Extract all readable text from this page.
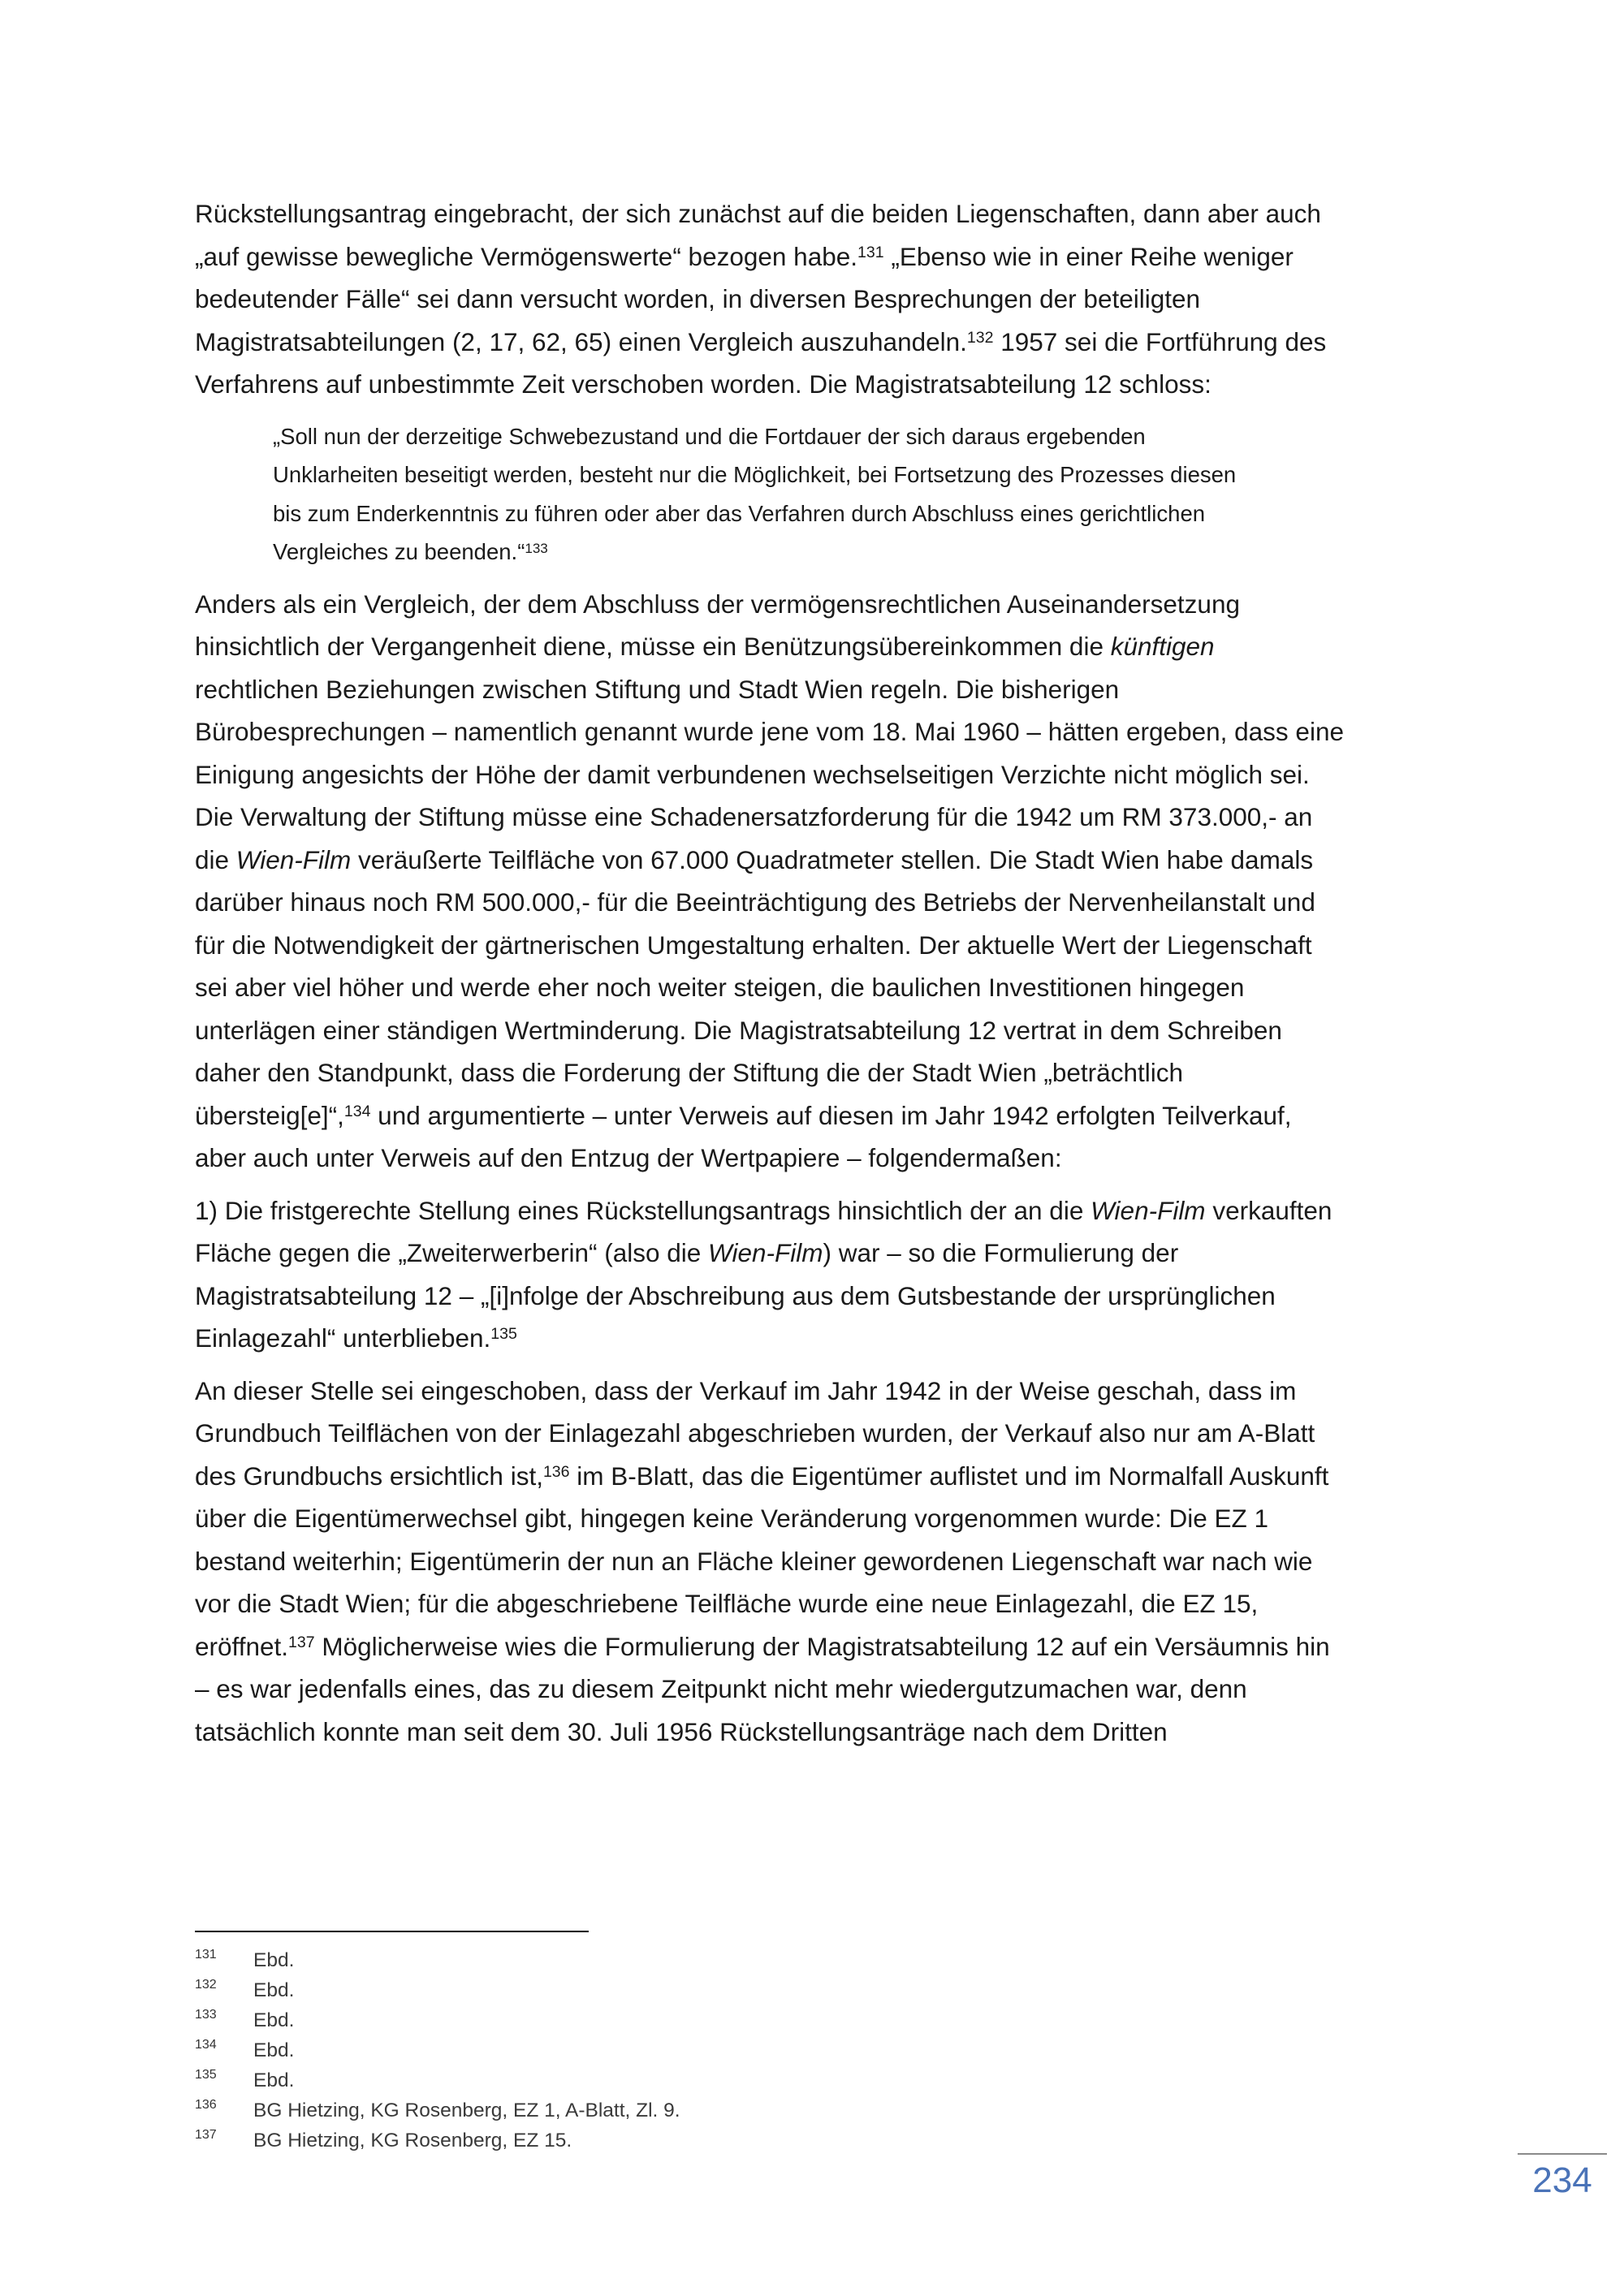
Rückstellungsantrag eingebracht, der sich zunächst auf die beiden Liegenschaften, dann aber auch
„auf gewisse bewegliche Vermögenswerte“ bezogen habe.$^{131}$ „Ebenso wie in einer Reihe weniger
bedeutender Fälle“ sei dann versucht worden, in diversen Besprechungen der beteiligten
Magistratsabteilungen (2, 17, 62, 65) einen Vergleich auszuhandeln.$^{132}$ 1957 sei die Fortführung des
Verfahrens auf unbestimmte Zeit verschoben worden. Die Magistratsabteilung 12 schloss:

„Soll nun der derzeitige Schwebezustand und die Fortdauer der sich daraus ergebenden
Unklarheiten beseitigt werden, besteht nur die Möglichkeit, bei Fortsetzung des Prozesses diesen
bis zum Enderkenntnis zu führen oder aber das Verfahren durch Abschluss eines gerichtlichen
Vergleiches zu beenden.“$^{133}$

Anders als ein Vergleich, der dem Abschluss der vermögensrechtlichen Auseinandersetzung
hinsichtlich der Vergangenheit diene, müsse ein Benützungsübereinkommen die künftigen
rechtlichen Beziehungen zwischen Stiftung und Stadt Wien regeln. Die bisherigen
Bürobesprechungen – namentlich genannt wurde jene vom 18. Mai 1960 – hätten ergeben, dass eine
Einigung angesichts der Höhe der damit verbundenen wechselseitigen Verzichte nicht möglich sei.
Die Verwaltung der Stiftung müsse eine Schadenersatzforderung für die 1942 um RM 373.000,- an
die Wien-Film veräußerte Teilfläche von 67.000 Quadratmeter stellen. Die Stadt Wien habe damals
darüber hinaus noch RM 500.000,- für die Beeinträchtigung des Betriebs der Nervenheilanstalt und
für die Notwendigkeit der gärtnerischen Umgestaltung erhalten. Der aktuelle Wert der Liegenschaft
sei aber viel höher und werde eher noch weiter steigen, die baulichen Investitionen hingegen
unterlägen einer ständigen Wertminderung. Die Magistratsabteilung 12 vertrat in dem Schreiben
daher den Standpunkt, dass die Forderung der Stiftung die der Stadt Wien „beträchtlich
übersteig[e]“,$^{134}$ und argumentierte – unter Verweis auf diesen im Jahr 1942 erfolgten Teilverkauf,
aber auch unter Verweis auf den Entzug der Wertpapiere – folgendermaßen:

1) Die fristgerechte Stellung eines Rückstellungsantrags hinsichtlich der an die Wien-Film verkauften
Fläche gegen die „Zweiterwerberin“ (also die Wien-Film) war – so die Formulierung der
Magistratsabteilung 12 – „[i]nfolge der Abschreibung aus dem Gutsbestande der ursprünglichen
Einlagezahl“ unterblieben.$^{135}$

An dieser Stelle sei eingeschoben, dass der Verkauf im Jahr 1942 in der Weise geschah, dass im
Grundbuch Teilflächen von der Einlagezahl abgeschrieben wurden, der Verkauf also nur am A-Blatt
des Grundbuchs ersichtlich ist,$^{136}$ im B-Blatt, das die Eigentümer auflistet und im Normalfall Auskunft
über die Eigentümerwechsel gibt, hingegen keine Veränderung vorgenommen wurde: Die EZ 1
bestand weiterhin; Eigentümerin der nun an Fläche kleiner gewordenen Liegenschaft war nach wie
vor die Stadt Wien; für die abgeschriebene Teilfläche wurde eine neue Einlagezahl, die EZ 15,
eröffnet.$^{137}$ Möglicherweise wies die Formulierung der Magistratsabteilung 12 auf ein Versäumnis hin
– es war jedenfalls eines, das zu diesem Zeitpunkt nicht mehr wiedergutzumachen war, denn
tatsächlich konnte man seit dem 30. Juli 1956 Rückstellungsanträge nach dem Dritten

131	Ebd.
132	Ebd.
133	Ebd.
134	Ebd.
135	Ebd.
136	BG Hietzing, KG Rosenberg, EZ 1, A-Blatt, Zl. 9.
137	BG Hietzing, KG Rosenberg, EZ 15.
234
